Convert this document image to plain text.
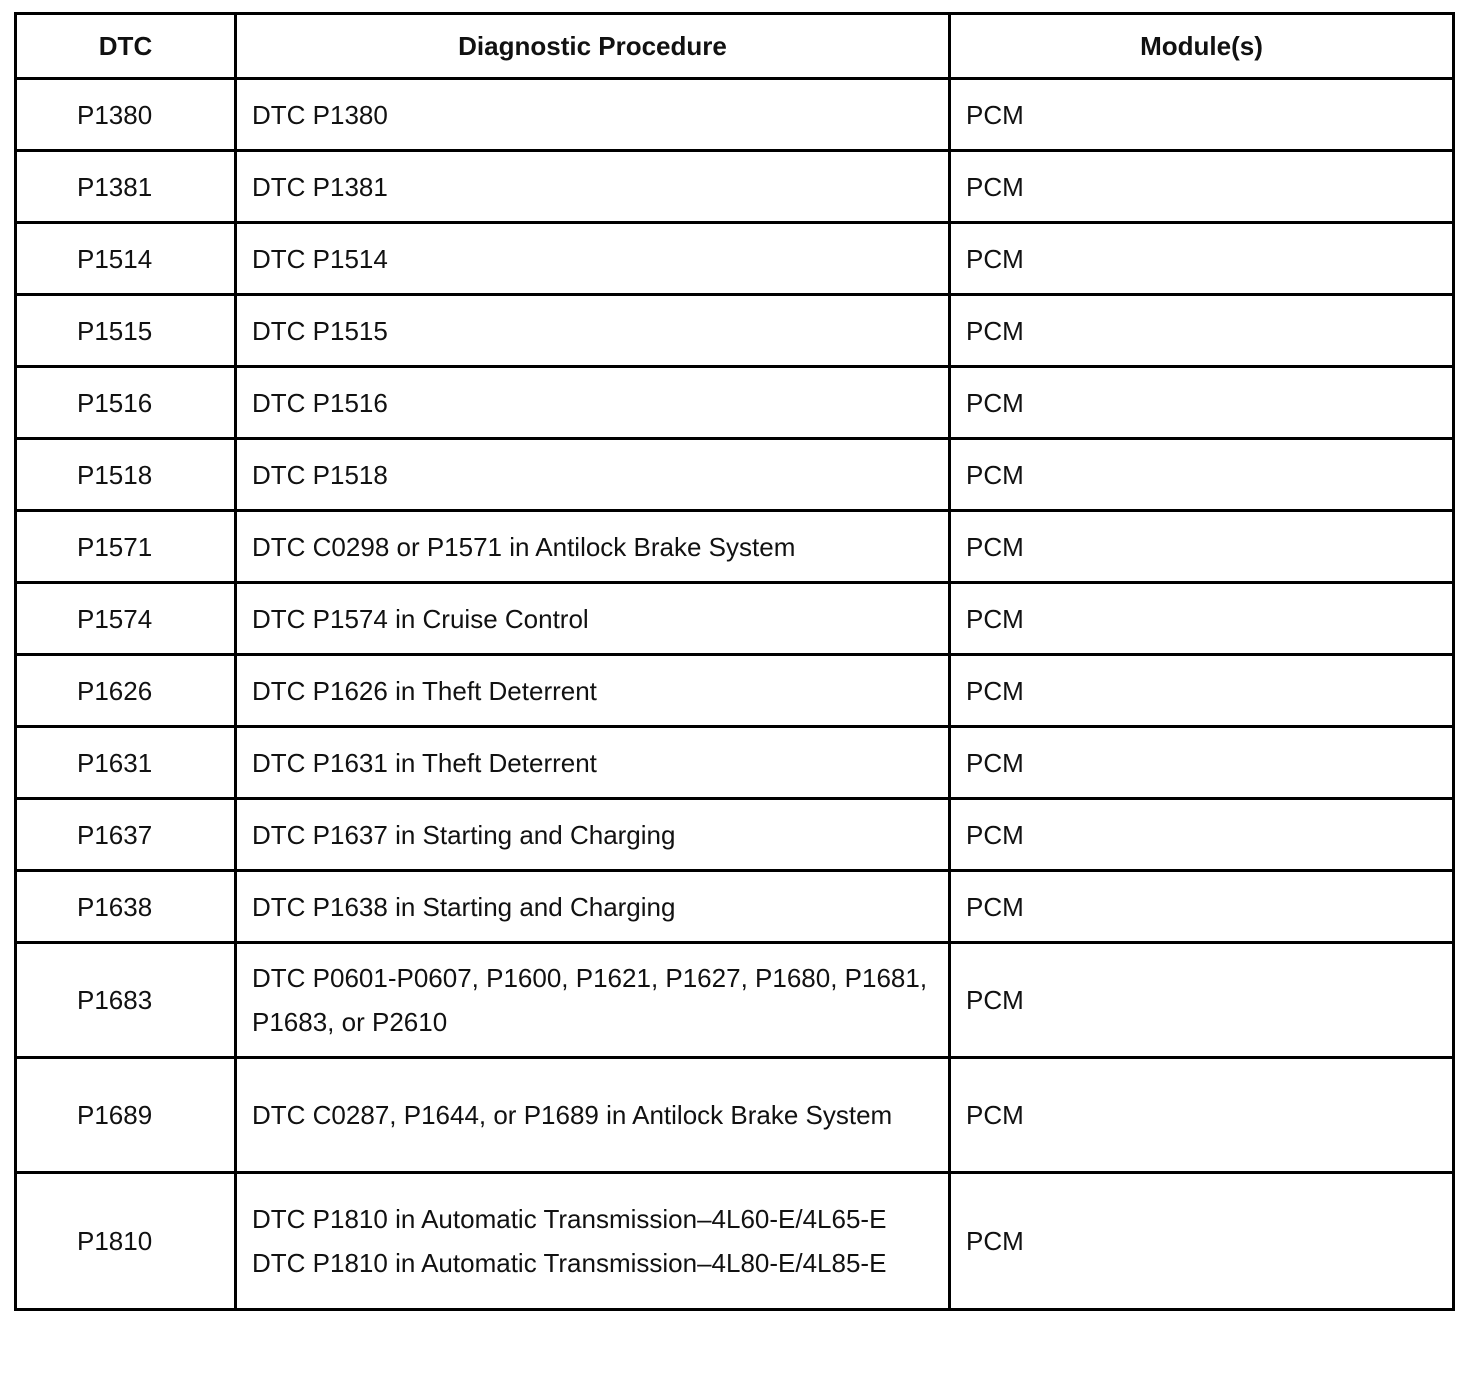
DTC	Diagnostic Procedure	Module(s)
P1380	DTC P1380	PCM
P1381	DTC P1381	PCM
P1514	DTC P1514	PCM
P1515	DTC P1515	PCM
P1516	DTC P1516	PCM
P1518	DTC P1518	PCM
P1571	DTC C0298 or P1571 in Antilock Brake System	PCM
P1574	DTC P1574 in Cruise Control	PCM
P1626	DTC P1626 in Theft Deterrent	PCM
P1631	DTC P1631 in Theft Deterrent	PCM
P1637	DTC P1637 in Starting and Charging	PCM
P1638	DTC P1638 in Starting and Charging	PCM
P1683	DTC P0601-P0607, P1600, P1621, P1627, P1680, P1681, P1683, or P2610	PCM
P1689	DTC C0287, P1644, or P1689 in Antilock Brake System	PCM
P1810	DTC P1810 in Automatic Transmission–4L60-E/4L65-E DTC P1810 in Automatic Transmission–4L80-E/4L85-E	PCM
